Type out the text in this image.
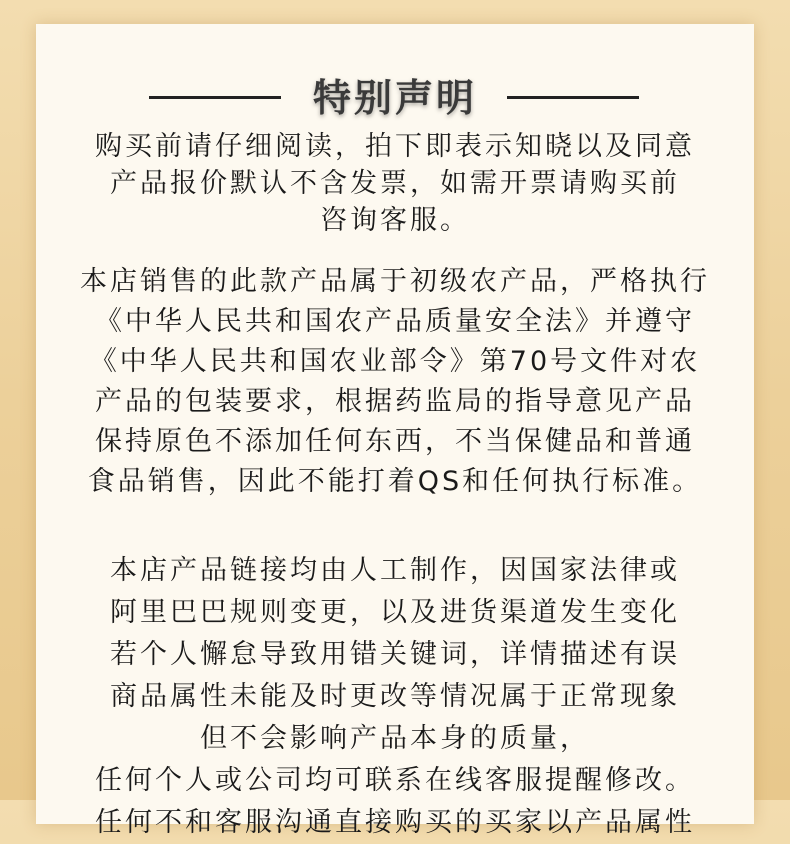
特别声明
购买前请仔细阅读，拍下即表示知晓以及同意
产品报价默认不含发票，如需开票请购买前
咨询客服。
本店销售的此款产品属于初级农产品，严格执行
《中华人民共和国农产品质量安全法》并遵守
《中华人民共和国农业部令》第70号文件对农
产品的包装要求，根据药监局的指导意见产品
保持原色不添加任何东西，不当保健品和普通
食品销售，因此不能打着QS和任何执行标准。
本店产品链接均由人工制作，因国家法律或
阿里巴巴规则变更，以及进货渠道发生变化
若个人懈怠导致用错关键词，详情描述有误
商品属性未能及时更改等情况属于正常现象
但不会影响产品本身的质量，
任何个人或公司均可联系在线客服提醒修改。
任何不和客服沟通直接购买的买家以产品属性
